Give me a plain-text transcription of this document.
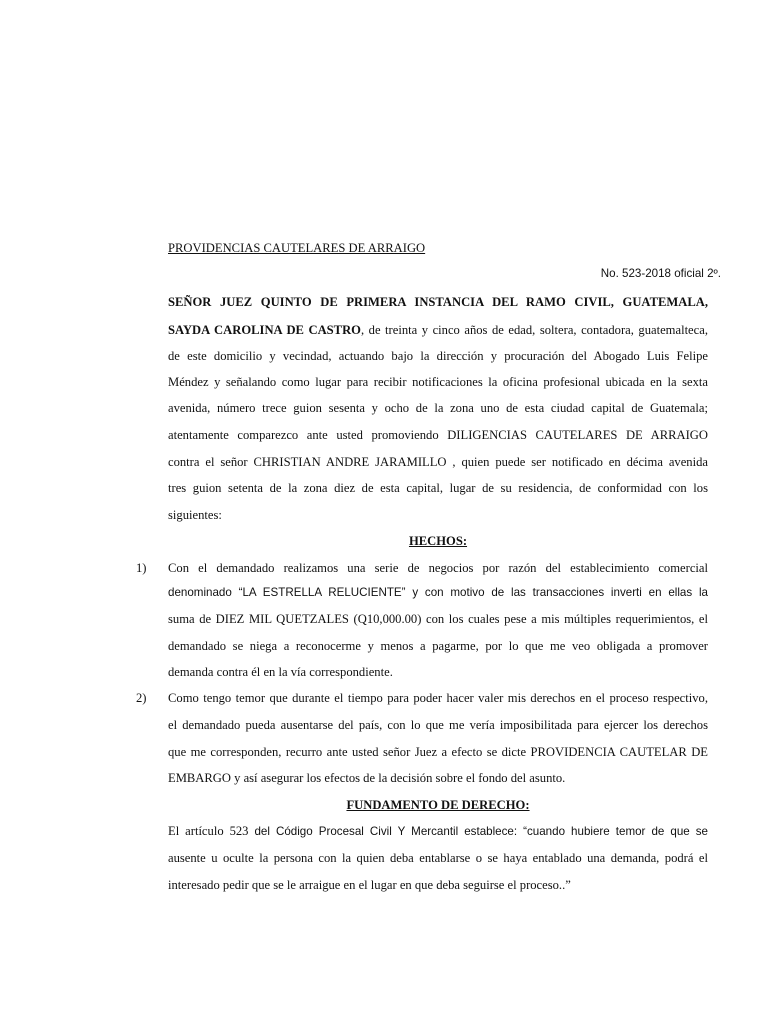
PROVIDENCIAS CAUTELARES DE ARRAIGO
No. 523-2018 oficial 2º.
SEÑOR JUEZ QUINTO DE PRIMERA INSTANCIA DEL RAMO CIVIL, GUATEMALA,
SAYDA CAROLINA DE CASTRO, de treinta y cinco años de edad, soltera, contadora, guatemalteca,
de este domicilio y vecindad, actuando bajo la dirección y procuración del Abogado Luis Felipe
Méndez y señalando como lugar para recibir notificaciones la oficina profesional ubicada en la sexta
avenida, número trece guion sesenta y ocho de la zona uno de esta ciudad capital de Guatemala;
atentamente comparezco ante usted promoviendo DILIGENCIAS CAUTELARES DE ARRAIGO
contra el señor CHRISTIAN ANDRE JARAMILLO , quien puede ser notificado en décima avenida
tres guion setenta de la zona diez de esta capital, lugar de su residencia, de conformidad con los
siguientes:
HECHOS:
1) Con el demandado realizamos una serie de negocios por razón del establecimiento comercial
denominado “LA ESTRELLA RELUCIENTE” y con motivo de las transacciones inverti en ellas la
suma de DIEZ MIL QUETZALES (Q10,000.00) con los cuales pese a mis múltiples requerimientos, el
demandado se niega a reconocerme y menos a pagarme, por lo que me veo obligada a promover
demanda contra él en la vía correspondiente.
2) Como tengo temor que durante el tiempo para poder hacer valer mis derechos en el proceso respectivo,
el demandado pueda ausentarse del país, con lo que me vería imposibilitada para ejercer los derechos
que me corresponden, recurro ante usted señor Juez a efecto se dicte PROVIDENCIA CAUTELAR DE
EMBARGO y así asegurar los efectos de la decisión sobre el fondo del asunto.
FUNDAMENTO DE DERECHO:
El artículo 523 del Código Procesal Civil Y Mercantil establece: “cuando hubiere temor de que se
ausente u oculte la persona con la quien deba entablarse o se haya entablado una demanda, podrá el
interesado pedir que se le arraigue en el lugar en que deba seguirse el proceso..”
